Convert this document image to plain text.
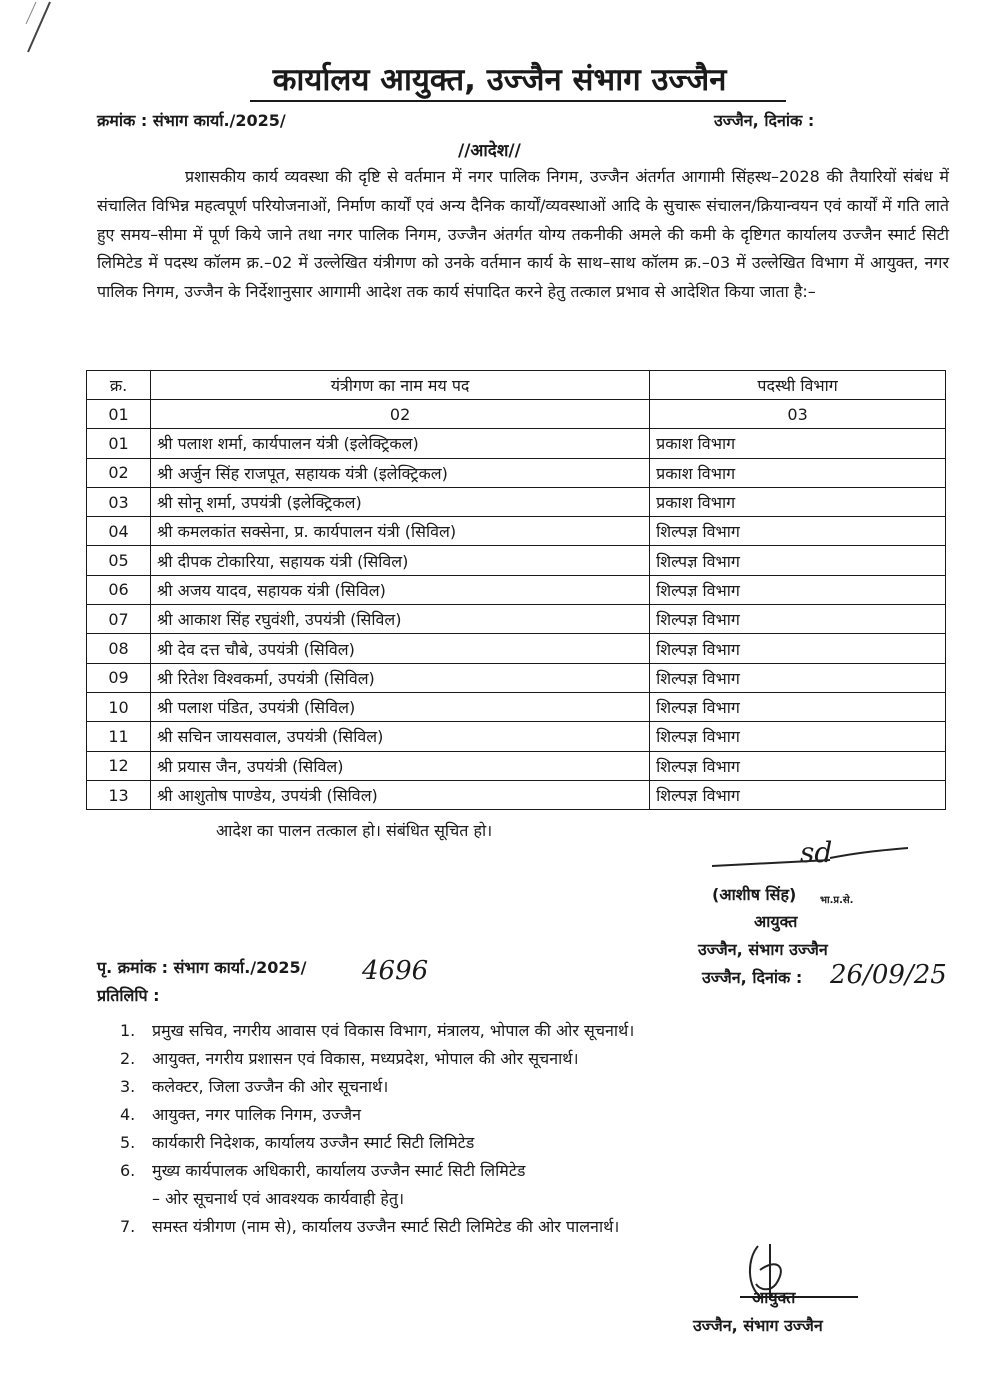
कार्यालय आयुक्त, उज्जैन संभाग उज्जैन
क्रमांक : संभाग कार्या./2025/	उज्जैन, दिनांक :
//आदेश//
प्रशासकीय कार्य व्यवस्था की दृष्टि से वर्तमान में नगर पालिक निगम, उज्जैन अंतर्गत आगामी सिंहस्थ–2028 की तैयारियों संबंध में संचालित विभिन्न महत्वपूर्ण परियोजनाओं, निर्माण कार्यों एवं अन्य दैनिक कार्यों/व्यवस्थाओं आदि के सुचारू संचालन/क्रियान्वयन एवं कार्यों में गति लाते हुए समय–सीमा में पूर्ण किये जाने तथा नगर पालिक निगम, उज्जैन अंतर्गत योग्य तकनीकी अमले की कमी के दृष्टिगत कार्यालय उज्जैन स्मार्ट सिटी लिमिटेड में पदस्थ कॉलम क्र.–02 में उल्लेखित यंत्रीगण को उनके वर्तमान कार्य के साथ–साथ कॉलम क्र.–03 में उल्लेखित विभाग में आयुक्त, नगर पालिक निगम, उज्जैन के निर्देशानुसार आगामी आदेश तक कार्य संपादित करने हेतु तत्काल प्रभाव से आदेशित किया जाता है:–
क्र.	यंत्रीगण का नाम मय पद	पदस्थी विभाग
01	02	03
01	श्री पलाश शर्मा, कार्यपालन यंत्री (इलेक्ट्रिकल)	प्रकाश विभाग
02	श्री अर्जुन सिंह राजपूत, सहायक यंत्री (इलेक्ट्रिकल)	प्रकाश विभाग
03	श्री सोनू शर्मा, उपयंत्री (इलेक्ट्रिकल)	प्रकाश विभाग
04	श्री कमलकांत सक्सेना, प्र. कार्यपालन यंत्री (सिविल)	शिल्पज्ञ विभाग
05	श्री दीपक टोकारिया, सहायक यंत्री (सिविल)	शिल्पज्ञ विभाग
06	श्री अजय यादव, सहायक यंत्री (सिविल)	शिल्पज्ञ विभाग
07	श्री आकाश सिंह रघुवंशी, उपयंत्री (सिविल)	शिल्पज्ञ विभाग
08	श्री देव दत्त चौबे, उपयंत्री (सिविल)	शिल्पज्ञ विभाग
09	श्री रितेश विश्वकर्मा, उपयंत्री (सिविल)	शिल्पज्ञ विभाग
10	श्री पलाश पंडित, उपयंत्री (सिविल)	शिल्पज्ञ विभाग
11	श्री सचिन जायसवाल, उपयंत्री (सिविल)	शिल्पज्ञ विभाग
12	श्री प्रयास जैन, उपयंत्री (सिविल)	शिल्पज्ञ विभाग
13	श्री आशुतोष पाण्डेय, उपयंत्री (सिविल)	शिल्पज्ञ विभाग
आदेश का पालन तत्काल हो। संबंधित सूचित हो।
sd
(आशीष सिंह) भा.प्र.से.
आयुक्त
उज्जैन, संभाग उज्जैन
पृ. क्रमांक : संभाग कार्या./2025/ 4696	उज्जैन, दिनांक : 26/09/25
प्रतिलिपि :
1. प्रमुख सचिव, नगरीय आवास एवं विकास विभाग, मंत्रालय, भोपाल की ओर सूचनार्थ।
2. आयुक्त, नगरीय प्रशासन एवं विकास, मध्यप्रदेश, भोपाल की ओर सूचनार्थ।
3. कलेक्टर, जिला उज्जैन की ओर सूचनार्थ।
4. आयुक्त, नगर पालिक निगम, उज्जैन
5. कार्यकारी निदेशक, कार्यालय उज्जैन स्मार्ट सिटी लिमिटेड
6. मुख्य कार्यपालक अधिकारी, कार्यालय उज्जैन स्मार्ट सिटी लिमिटेड
– ओर सूचनार्थ एवं आवश्यक कार्यवाही हेतु।
7. समस्त यंत्रीगण (नाम से), कार्यालय उज्जैन स्मार्ट सिटी लिमिटेड की ओर पालनार्थ।
उज्जैन, संभाग उज्जैन
